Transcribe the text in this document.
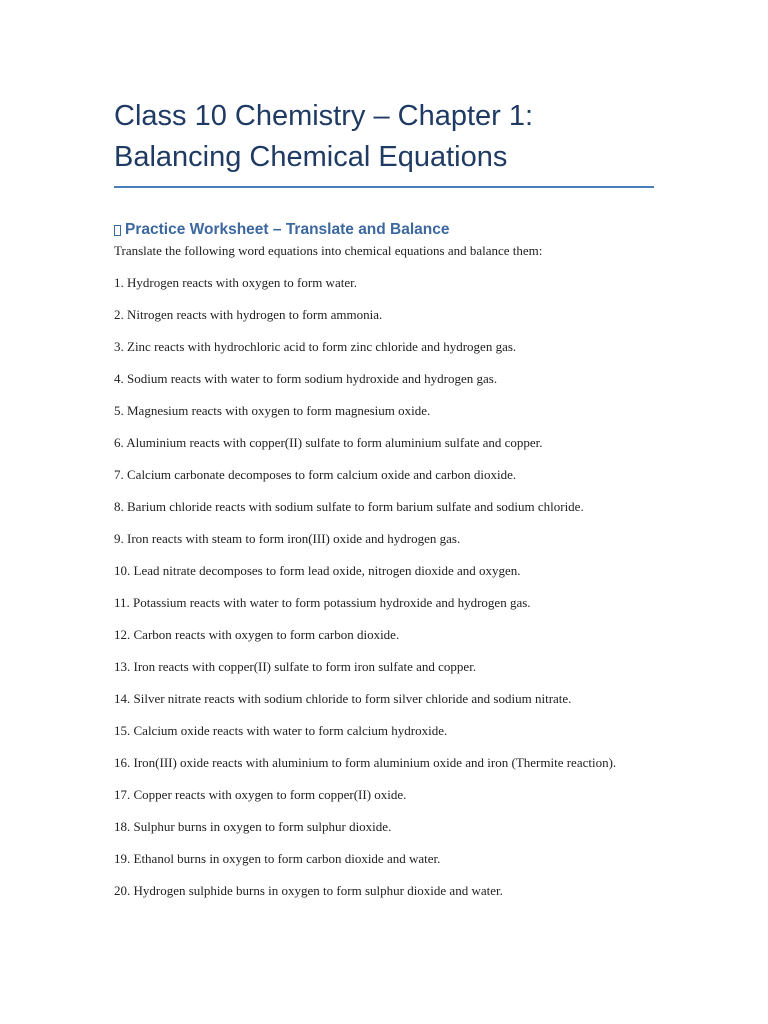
Class 10 Chemistry – Chapter 1:
Balancing Chemical Equations
Practice Worksheet – Translate and Balance

Translate the following word equations into chemical equations and balance them:

1. Hydrogen reacts with oxygen to form water.
2. Nitrogen reacts with hydrogen to form ammonia.
3. Zinc reacts with hydrochloric acid to form zinc chloride and hydrogen gas.
4. Sodium reacts with water to form sodium hydroxide and hydrogen gas.
5. Magnesium reacts with oxygen to form magnesium oxide.
6. Aluminium reacts with copper(II) sulfate to form aluminium sulfate and copper.
7. Calcium carbonate decomposes to form calcium oxide and carbon dioxide.
8. Barium chloride reacts with sodium sulfate to form barium sulfate and sodium chloride.
9. Iron reacts with steam to form iron(III) oxide and hydrogen gas.
10. Lead nitrate decomposes to form lead oxide, nitrogen dioxide and oxygen.
11. Potassium reacts with water to form potassium hydroxide and hydrogen gas.
12. Carbon reacts with oxygen to form carbon dioxide.
13. Iron reacts with copper(II) sulfate to form iron sulfate and copper.
14. Silver nitrate reacts with sodium chloride to form silver chloride and sodium nitrate.
15. Calcium oxide reacts with water to form calcium hydroxide.
16. Iron(III) oxide reacts with aluminium to form aluminium oxide and iron (Thermite reaction).
17. Copper reacts with oxygen to form copper(II) oxide.
18. Sulphur burns in oxygen to form sulphur dioxide.
19. Ethanol burns in oxygen to form carbon dioxide and water.
20. Hydrogen sulphide burns in oxygen to form sulphur dioxide and water.
